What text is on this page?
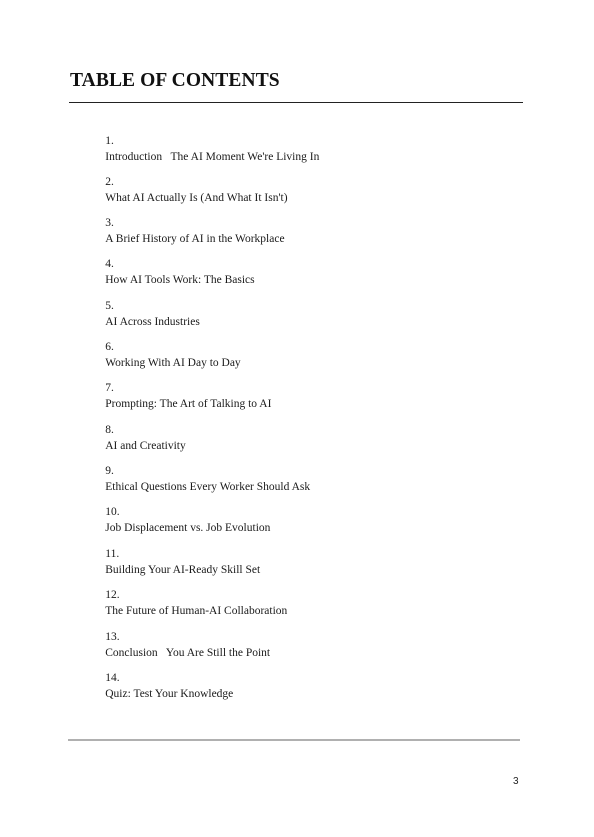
TABLE OF CONTENTS

1.
Introduction   The AI Moment We're Living In

2.
What AI Actually Is (And What It Isn't)

3.
A Brief History of AI in the Workplace

4.
How AI Tools Work: The Basics

5.
AI Across Industries

6.
Working With AI Day to Day

7.
Prompting: The Art of Talking to AI

8.
AI and Creativity

9.
Ethical Questions Every Worker Should Ask

10.
Job Displacement vs. Job Evolution

11.
Building Your AI-Ready Skill Set

12.
The Future of Human-AI Collaboration

13.
Conclusion   You Are Still the Point

14.
Quiz: Test Your Knowledge

3
